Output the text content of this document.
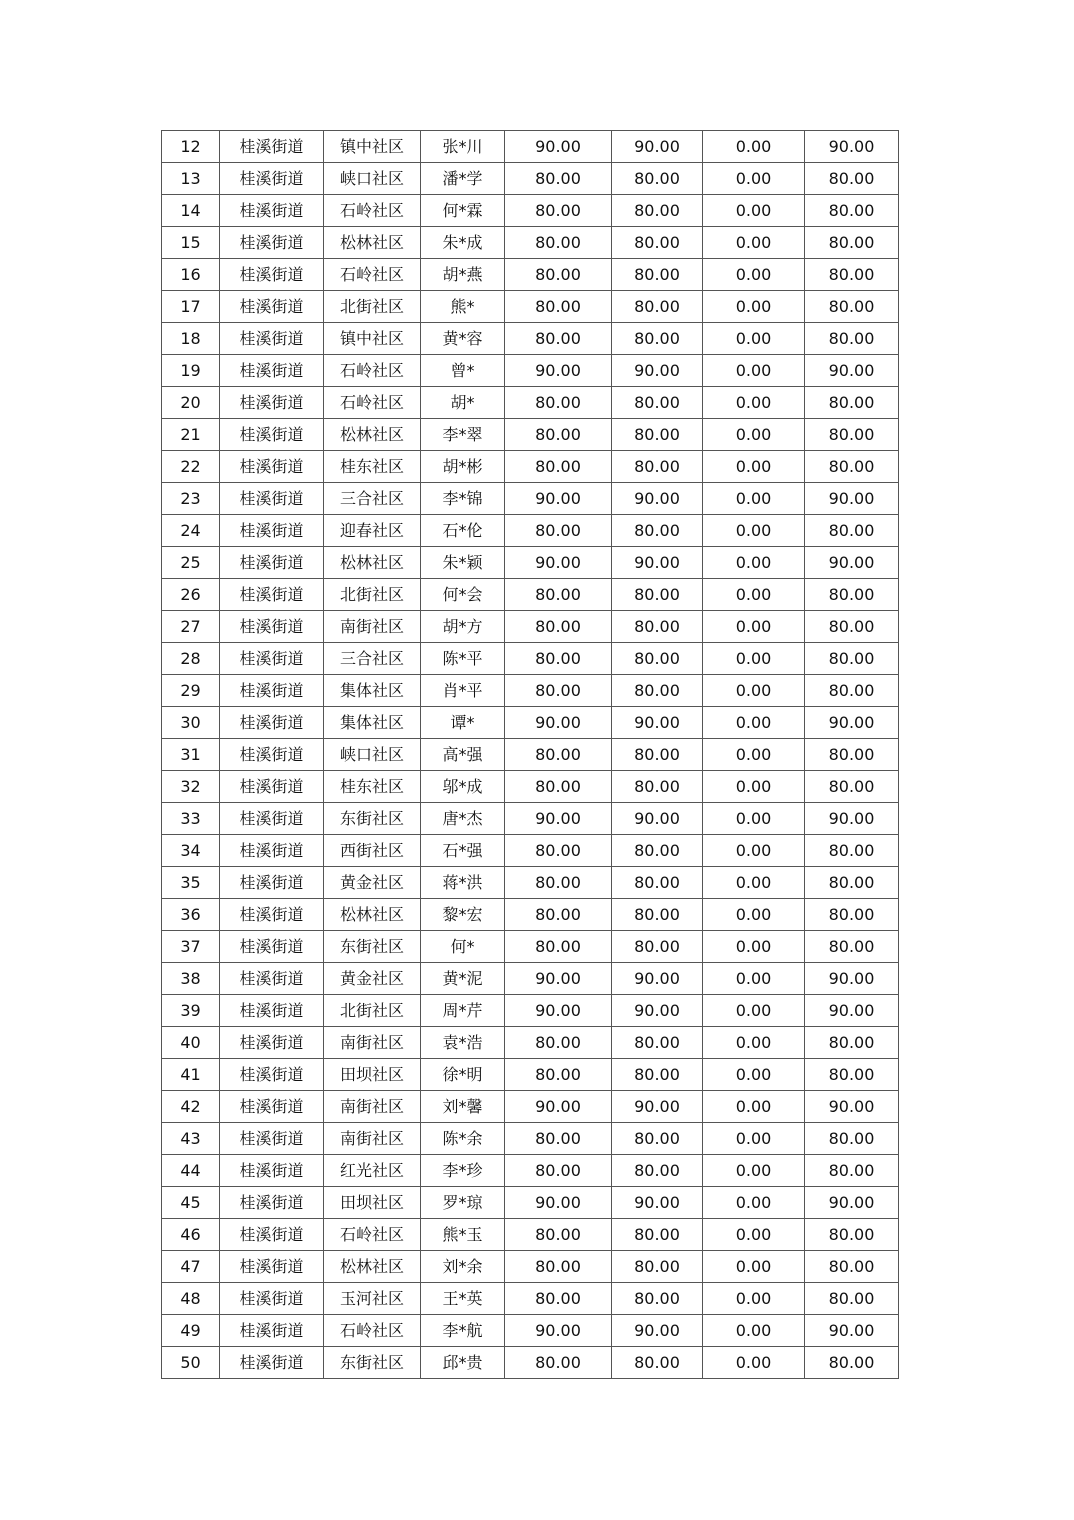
12	桂溪街道	镇中社区	张*川	90.00	90.00	0.00	90.00
13	桂溪街道	峡口社区	潘*学	80.00	80.00	0.00	80.00
14	桂溪街道	石岭社区	何*霖	80.00	80.00	0.00	80.00
15	桂溪街道	松林社区	朱*成	80.00	80.00	0.00	80.00
16	桂溪街道	石岭社区	胡*燕	80.00	80.00	0.00	80.00
17	桂溪街道	北街社区	熊*	80.00	80.00	0.00	80.00
18	桂溪街道	镇中社区	黄*容	80.00	80.00	0.00	80.00
19	桂溪街道	石岭社区	曾*	90.00	90.00	0.00	90.00
20	桂溪街道	石岭社区	胡*	80.00	80.00	0.00	80.00
21	桂溪街道	松林社区	李*翠	80.00	80.00	0.00	80.00
22	桂溪街道	桂东社区	胡*彬	80.00	80.00	0.00	80.00
23	桂溪街道	三合社区	李*锦	90.00	90.00	0.00	90.00
24	桂溪街道	迎春社区	石*伦	80.00	80.00	0.00	80.00
25	桂溪街道	松林社区	朱*颖	90.00	90.00	0.00	90.00
26	桂溪街道	北街社区	何*会	80.00	80.00	0.00	80.00
27	桂溪街道	南街社区	胡*方	80.00	80.00	0.00	80.00
28	桂溪街道	三合社区	陈*平	80.00	80.00	0.00	80.00
29	桂溪街道	集体社区	肖*平	80.00	80.00	0.00	80.00
30	桂溪街道	集体社区	谭*	90.00	90.00	0.00	90.00
31	桂溪街道	峡口社区	高*强	80.00	80.00	0.00	80.00
32	桂溪街道	桂东社区	邬*成	80.00	80.00	0.00	80.00
33	桂溪街道	东街社区	唐*杰	90.00	90.00	0.00	90.00
34	桂溪街道	西街社区	石*强	80.00	80.00	0.00	80.00
35	桂溪街道	黄金社区	蒋*洪	80.00	80.00	0.00	80.00
36	桂溪街道	松林社区	黎*宏	80.00	80.00	0.00	80.00
37	桂溪街道	东街社区	何*	80.00	80.00	0.00	80.00
38	桂溪街道	黄金社区	黄*泥	90.00	90.00	0.00	90.00
39	桂溪街道	北街社区	周*芹	90.00	90.00	0.00	90.00
40	桂溪街道	南街社区	袁*浩	80.00	80.00	0.00	80.00
41	桂溪街道	田坝社区	徐*明	80.00	80.00	0.00	80.00
42	桂溪街道	南街社区	刘*馨	90.00	90.00	0.00	90.00
43	桂溪街道	南街社区	陈*余	80.00	80.00	0.00	80.00
44	桂溪街道	红光社区	李*珍	80.00	80.00	0.00	80.00
45	桂溪街道	田坝社区	罗*琼	90.00	90.00	0.00	90.00
46	桂溪街道	石岭社区	熊*玉	80.00	80.00	0.00	80.00
47	桂溪街道	松林社区	刘*余	80.00	80.00	0.00	80.00
48	桂溪街道	玉河社区	王*英	80.00	80.00	0.00	80.00
49	桂溪街道	石岭社区	李*航	90.00	90.00	0.00	90.00
50	桂溪街道	东街社区	邱*贵	80.00	80.00	0.00	80.00
